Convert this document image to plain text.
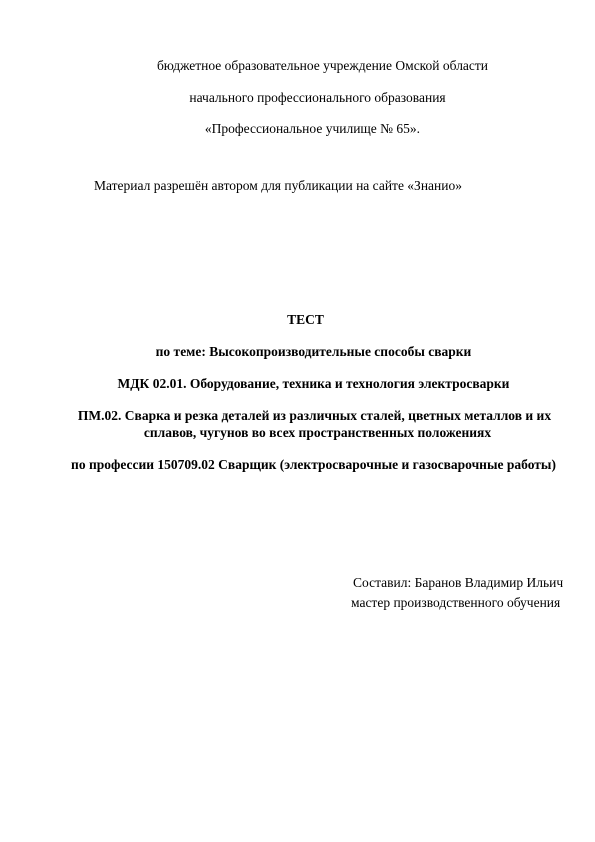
бюджетное образовательное учреждение Омской области
начального профессионального образования
«Профессиональное училище № 65».
Материал разрешён автором для публикации на сайте «Знанио»
ТЕСТ
по теме: Высокопроизводительные способы сварки
МДК 02.01. Оборудование, техника и технология электросварки
ПМ.02. Сварка и резка деталей из различных сталей, цветных металлов и их
сплавов, чугунов во всех пространственных положениях
по профессии 150709.02 Сварщик (электросварочные и газосварочные работы)
Составил: Баранов Владимир Ильич
мастер производственного обучения
